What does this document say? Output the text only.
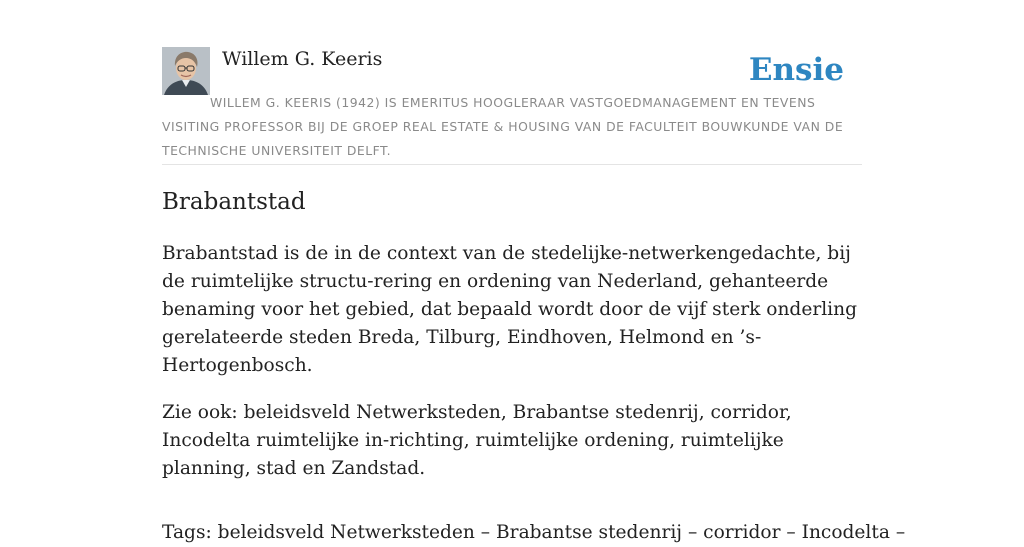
Willem G. Keeris	Ensie

WILLEM G. KEERIS (1942) IS EMERITUS HOOGLERAAR VASTGOEDMANAGEMENT EN TEVENS VISITING PROFESSOR BIJ DE GROEP REAL ESTATE & HOUSING VAN DE FACULTEIT BOUWKUNDE VAN DE TECHNISCHE UNIVERSITEIT DELFT.

Brabantstad

Brabantstad is de in de context van de stedelijke-netwerkengedachte, bij de ruimtelijke structu-rering en ordening van Nederland, gehanteerde benaming voor het gebied, dat bepaald wordt door de vijf sterk onderling gerelateerde steden Breda, Tilburg, Eindhoven, Helmond en ’s-Hertogenbosch.

Zie ook: beleidsveld Netwerksteden, Brabantse stedenrij, corridor, Incodelta ruimtelijke in-richting, ruimtelijke ordening, ruimtelijke planning, stad en Zandstad.

Tags: beleidsveld Netwerksteden – Brabantse stedenrij – corridor – Incodelta –
